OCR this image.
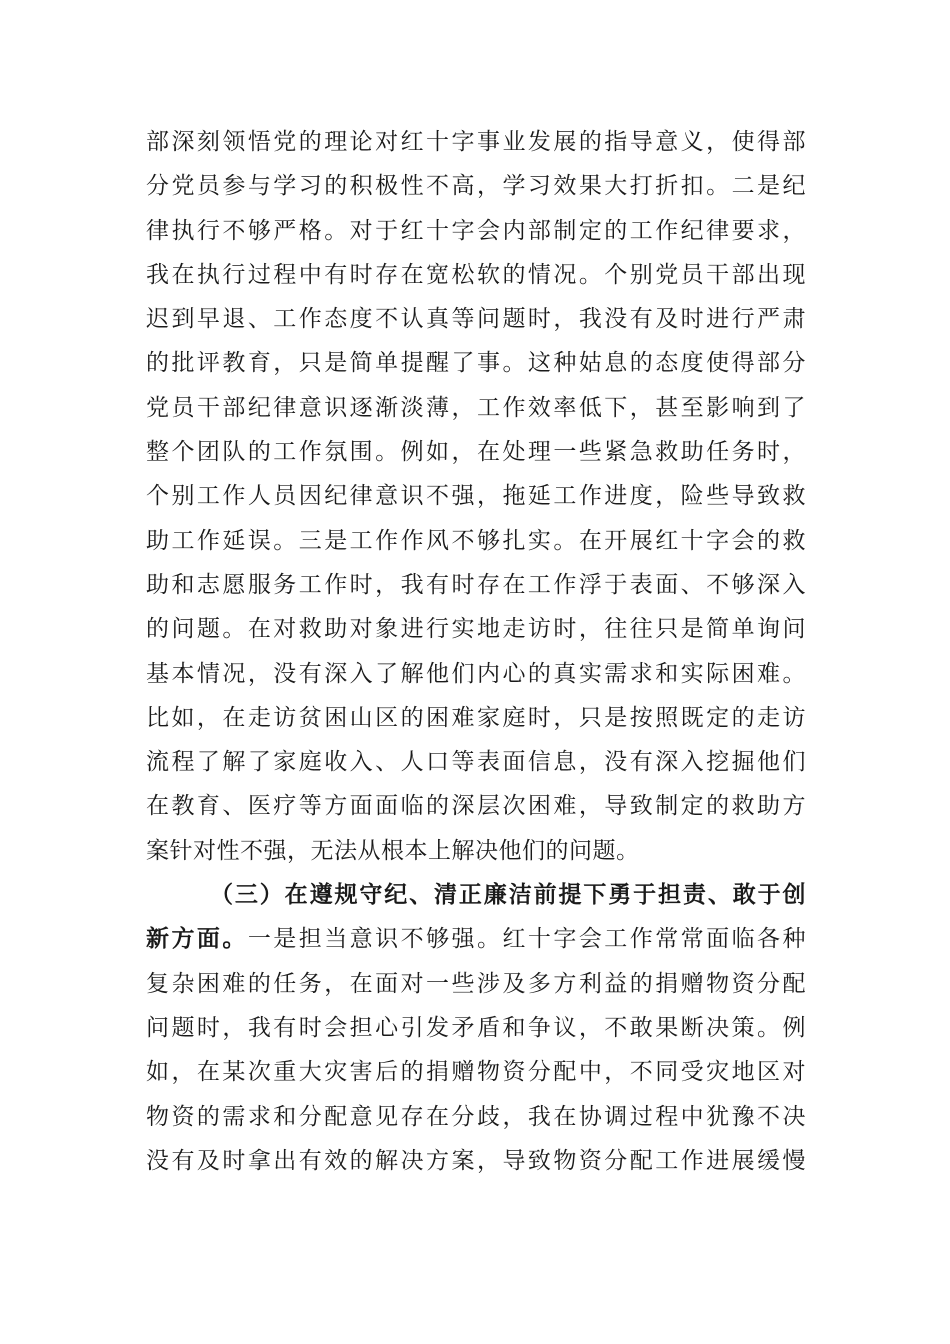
部深刻领悟党的理论对红十字事业发展的指导意义，使得部
分党员参与学习的积极性不高，学习效果大打折扣。二是纪
律执行不够严格。对于红十字会内部制定的工作纪律要求，
我在执行过程中有时存在宽松软的情况。个别党员干部出现
迟到早退、工作态度不认真等问题时，我没有及时进行严肃
的批评教育，只是简单提醒了事。这种姑息的态度使得部分
党员干部纪律意识逐渐淡薄，工作效率低下，甚至影响到了
整个团队的工作氛围。例如，在处理一些紧急救助任务时，
个别工作人员因纪律意识不强，拖延工作进度，险些导致救
助工作延误。三是工作作风不够扎实。在开展红十字会的救
助和志愿服务工作时，我有时存在工作浮于表面、不够深入
的问题。在对救助对象进行实地走访时，往往只是简单询问
基本情况，没有深入了解他们内心的真实需求和实际困难。
比如，在走访贫困山区的困难家庭时，只是按照既定的走访
流程了解了家庭收入、人口等表面信息，没有深入挖掘他们
在教育、医疗等方面面临的深层次困难，导致制定的救助方
案针对性不强，无法从根本上解决他们的问题。
（三）在遵规守纪、清正廉洁前提下勇于担责、敢于创
新方面。一是担当意识不够强。红十字会工作常常面临各种
复杂困难的任务，在面对一些涉及多方利益的捐赠物资分配
问题时，我有时会担心引发矛盾和争议，不敢果断决策。例
如，在某次重大灾害后的捐赠物资分配中，不同受灾地区对
物资的需求和分配意见存在分歧，我在协调过程中犹豫不决
没有及时拿出有效的解决方案，导致物资分配工作进展缓慢
